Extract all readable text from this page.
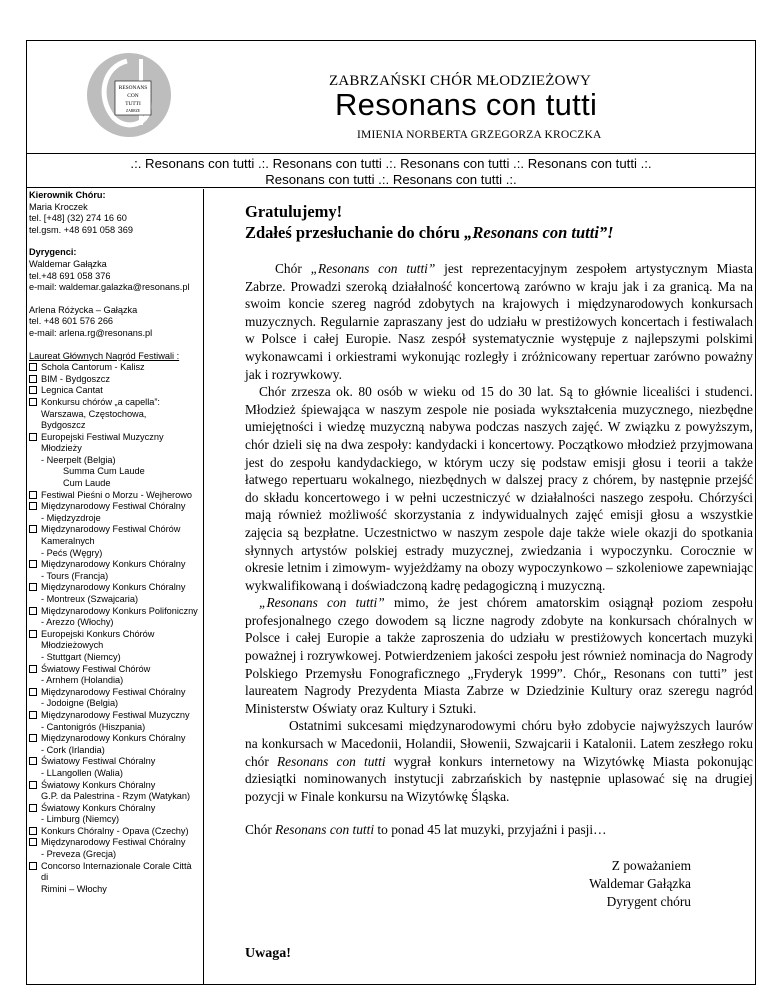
RESONANS
CON
TUTTI
ZABRZE
ZABRZAŃSKI CHÓR MŁODZIEŻOWY
Resonans con tutti
IMIENIA NORBERTA GRZEGORZA KROCZKA
.:. Resonans con tutti .:. Resonans con tutti .:. Resonans con tutti .:. Resonans con tutti .:.
Resonans con tutti .:. Resonans con tutti .:.
Kierownik Chóru:
Maria Kroczek
tel. [+48] (32) 274 16 60
tel.gsm. +48 691 058 369
Dyrygenci:
Waldemar Gałązka
tel.+48 691 058 376
e-mail: waldemar.galazka@resonans.pl
Arlena Różycka – Gałązka
tel. +48 601 576 266
e-mail: arlena.rg@resonans.pl
Laureat Głównych Nagród Festiwali :
Schola Cantorum - Kalisz
BIM - Bydgoszcz
Legnica Cantat
Konkursu chórów „a capella”:
Warszawa, Częstochowa,
Bydgoszcz
Europejski Festiwal Muzyczny Młodzieży
- Neerpelt (Belgia)
Summa Cum Laude
Cum Laude
Festiwal Pieśni o Morzu - Wejherowo
Międzynarodowy Festiwal Chóralny
- Międzyzdroje
Międzynarodowy Festiwal Chórów
Kameralnych
- Pećs (Węgry)
Międzynarodowy Konkurs Chóralny
- Tours (Francja)
Międzynarodowy Konkurs Chóralny
- Montreux (Szwajcaria)
Międzynarodowy Konkurs Polifoniczny
- Arezzo (Włochy)
Europejski Konkurs Chórów Młodzieżowych
- Stuttgart (Niemcy)
Światowy Festiwal Chórów
- Arnhem (Holandia)
Międzynarodowy Festiwal Chóralny
- Jodoigne (Belgia)
Międzynarodowy Festiwal Muzyczny
- Cantonigrós (Hiszpania)
Międzynarodowy Konkurs Chóralny
- Cork (Irlandia)
Światowy Festiwal Chóralny
- LLangollen (Walia)
Światowy Konkurs Chóralny
G.P. da Palestrina - Rzym (Watykan)
Światowy Konkurs Chóralny
- Limburg (Niemcy)
Konkurs Chóralny - Opava (Czechy)
Międzynarodowy Festiwal Chóralny
- Preveza (Grecja)
Concorso Internazionale Corale Città di
Rimini – Włochy
Gratulujemy!
Zdałeś przesłuchanie do chóru „Resonans con tutti”!

Chór „Resonans con tutti” jest reprezentacyjnym zespołem artystycznym Miasta Zabrze. Prowadzi szeroką działalność koncertową zarówno w kraju jak i za granicą. Ma na swoim koncie szereg nagród zdobytych na krajowych i międzynarodowych konkursach muzycznych. Regularnie zapraszany jest do udziału w prestiżowych koncertach i festiwalach w Polsce i całej Europie. Nasz zespół systematycznie występuje z najlepszymi polskimi wykonawcami i orkiestrami wykonując rozległy i zróżnicowany repertuar zarówno poważny jak i rozrywkowy.

Chór zrzesza ok. 80 osób w wieku od 15 do 30 lat. Są to głównie licealiści i studenci. Młodzież śpiewająca w naszym zespole nie posiada wykształcenia muzycznego, niezbędne umiejętności i wiedzę muzyczną nabywa podczas naszych zajęć. W związku z powyższym, chór dzieli się na dwa zespoły: kandydacki i koncertowy. Początkowo młodzież przyjmowana jest do zespołu kandydackiego, w którym uczy się podstaw emisji głosu i teorii a także łatwego repertuaru wokalnego, niezbędnych w dalszej pracy z chórem, by następnie przejść do składu koncertowego i w pełni uczestniczyć w działalności naszego zespołu. Chórzyści mają również możliwość skorzystania z indywidualnych zajęć emisji głosu a wszystkie zajęcia są bezpłatne. Uczestnictwo w naszym zespole daje także wiele okazji do spotkania słynnych artystów polskiej estrady muzycznej, zwiedzania i wypoczynku. Corocznie w okresie letnim i zimowym- wyjeżdżamy na obozy wypoczynkowo – szkoleniowe zapewniając wykwalifikowaną i doświadczoną kadrę pedagogiczną i muzyczną.

„Resonans con tutti” mimo, że jest chórem amatorskim osiągnął poziom zespołu profesjonalnego czego dowodem są liczne nagrody zdobyte na konkursach chóralnych w Polsce i całej Europie a także zaproszenia do udziału w prestiżowych koncertach muzyki poważnej i rozrywkowej. Potwierdzeniem jakości zespołu jest również nominacja do Nagrody Polskiego Przemysłu Fonograficznego „Fryderyk 1999”. Chór„ Resonans con tutti” jest laureatem Nagrody Prezydenta Miasta Zabrze w Dziedzinie Kultury oraz szeregu nagród Ministerstw Oświaty oraz Kultury i Sztuki.

Ostatnimi sukcesami międzynarodowymi chóru było zdobycie najwyższych laurów na konkursach w Macedonii, Holandii, Słowenii, Szwajcarii i Katalonii. Latem zeszłego roku chór Resonans con tutti wygrał konkurs internetowy na Wizytówkę Miasta pokonując dziesiątki nominowanych instytucji zabrzańskich by następnie uplasować się na drugiej pozycji w Finale konkursu na Wizytówkę Śląska.

Chór Resonans con tutti to ponad 45 lat muzyki, przyjaźni i pasji…

Z poważaniem
Waldemar Gałązka
Dyrygent chóru
Uwaga!
